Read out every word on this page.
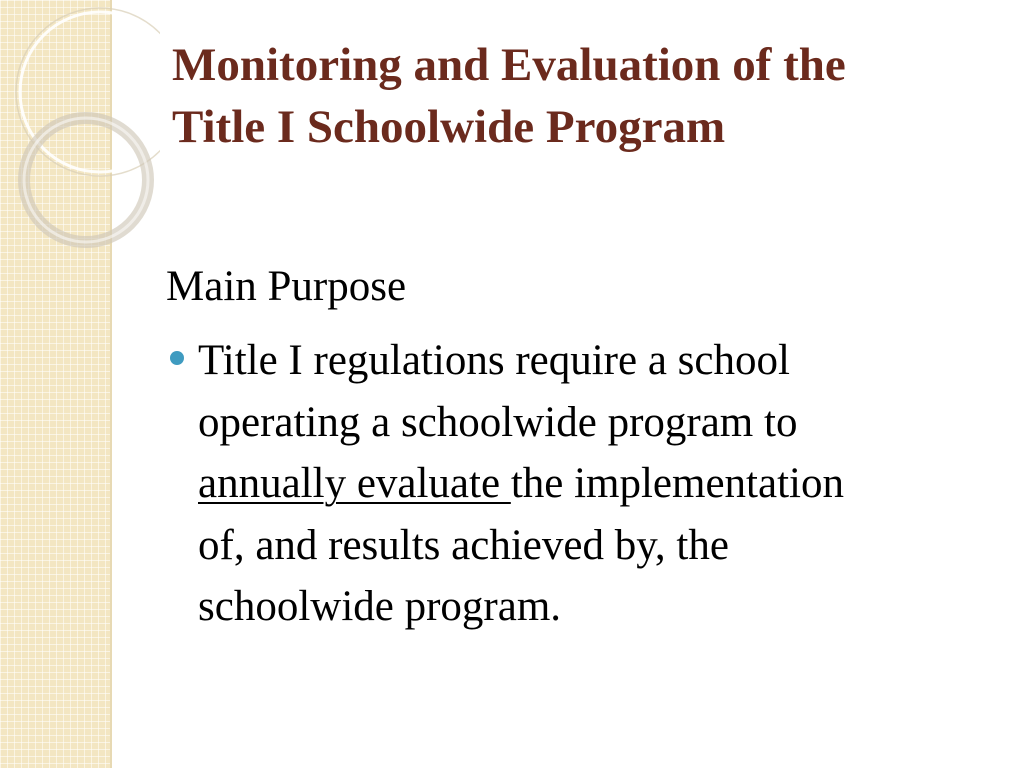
Monitoring and Evaluation of the
Title I Schoolwide Program

Main Purpose

Title I regulations require a school
operating a schoolwide program to
annually evaluate the implementation
of, and results achieved by, the
schoolwide program.
